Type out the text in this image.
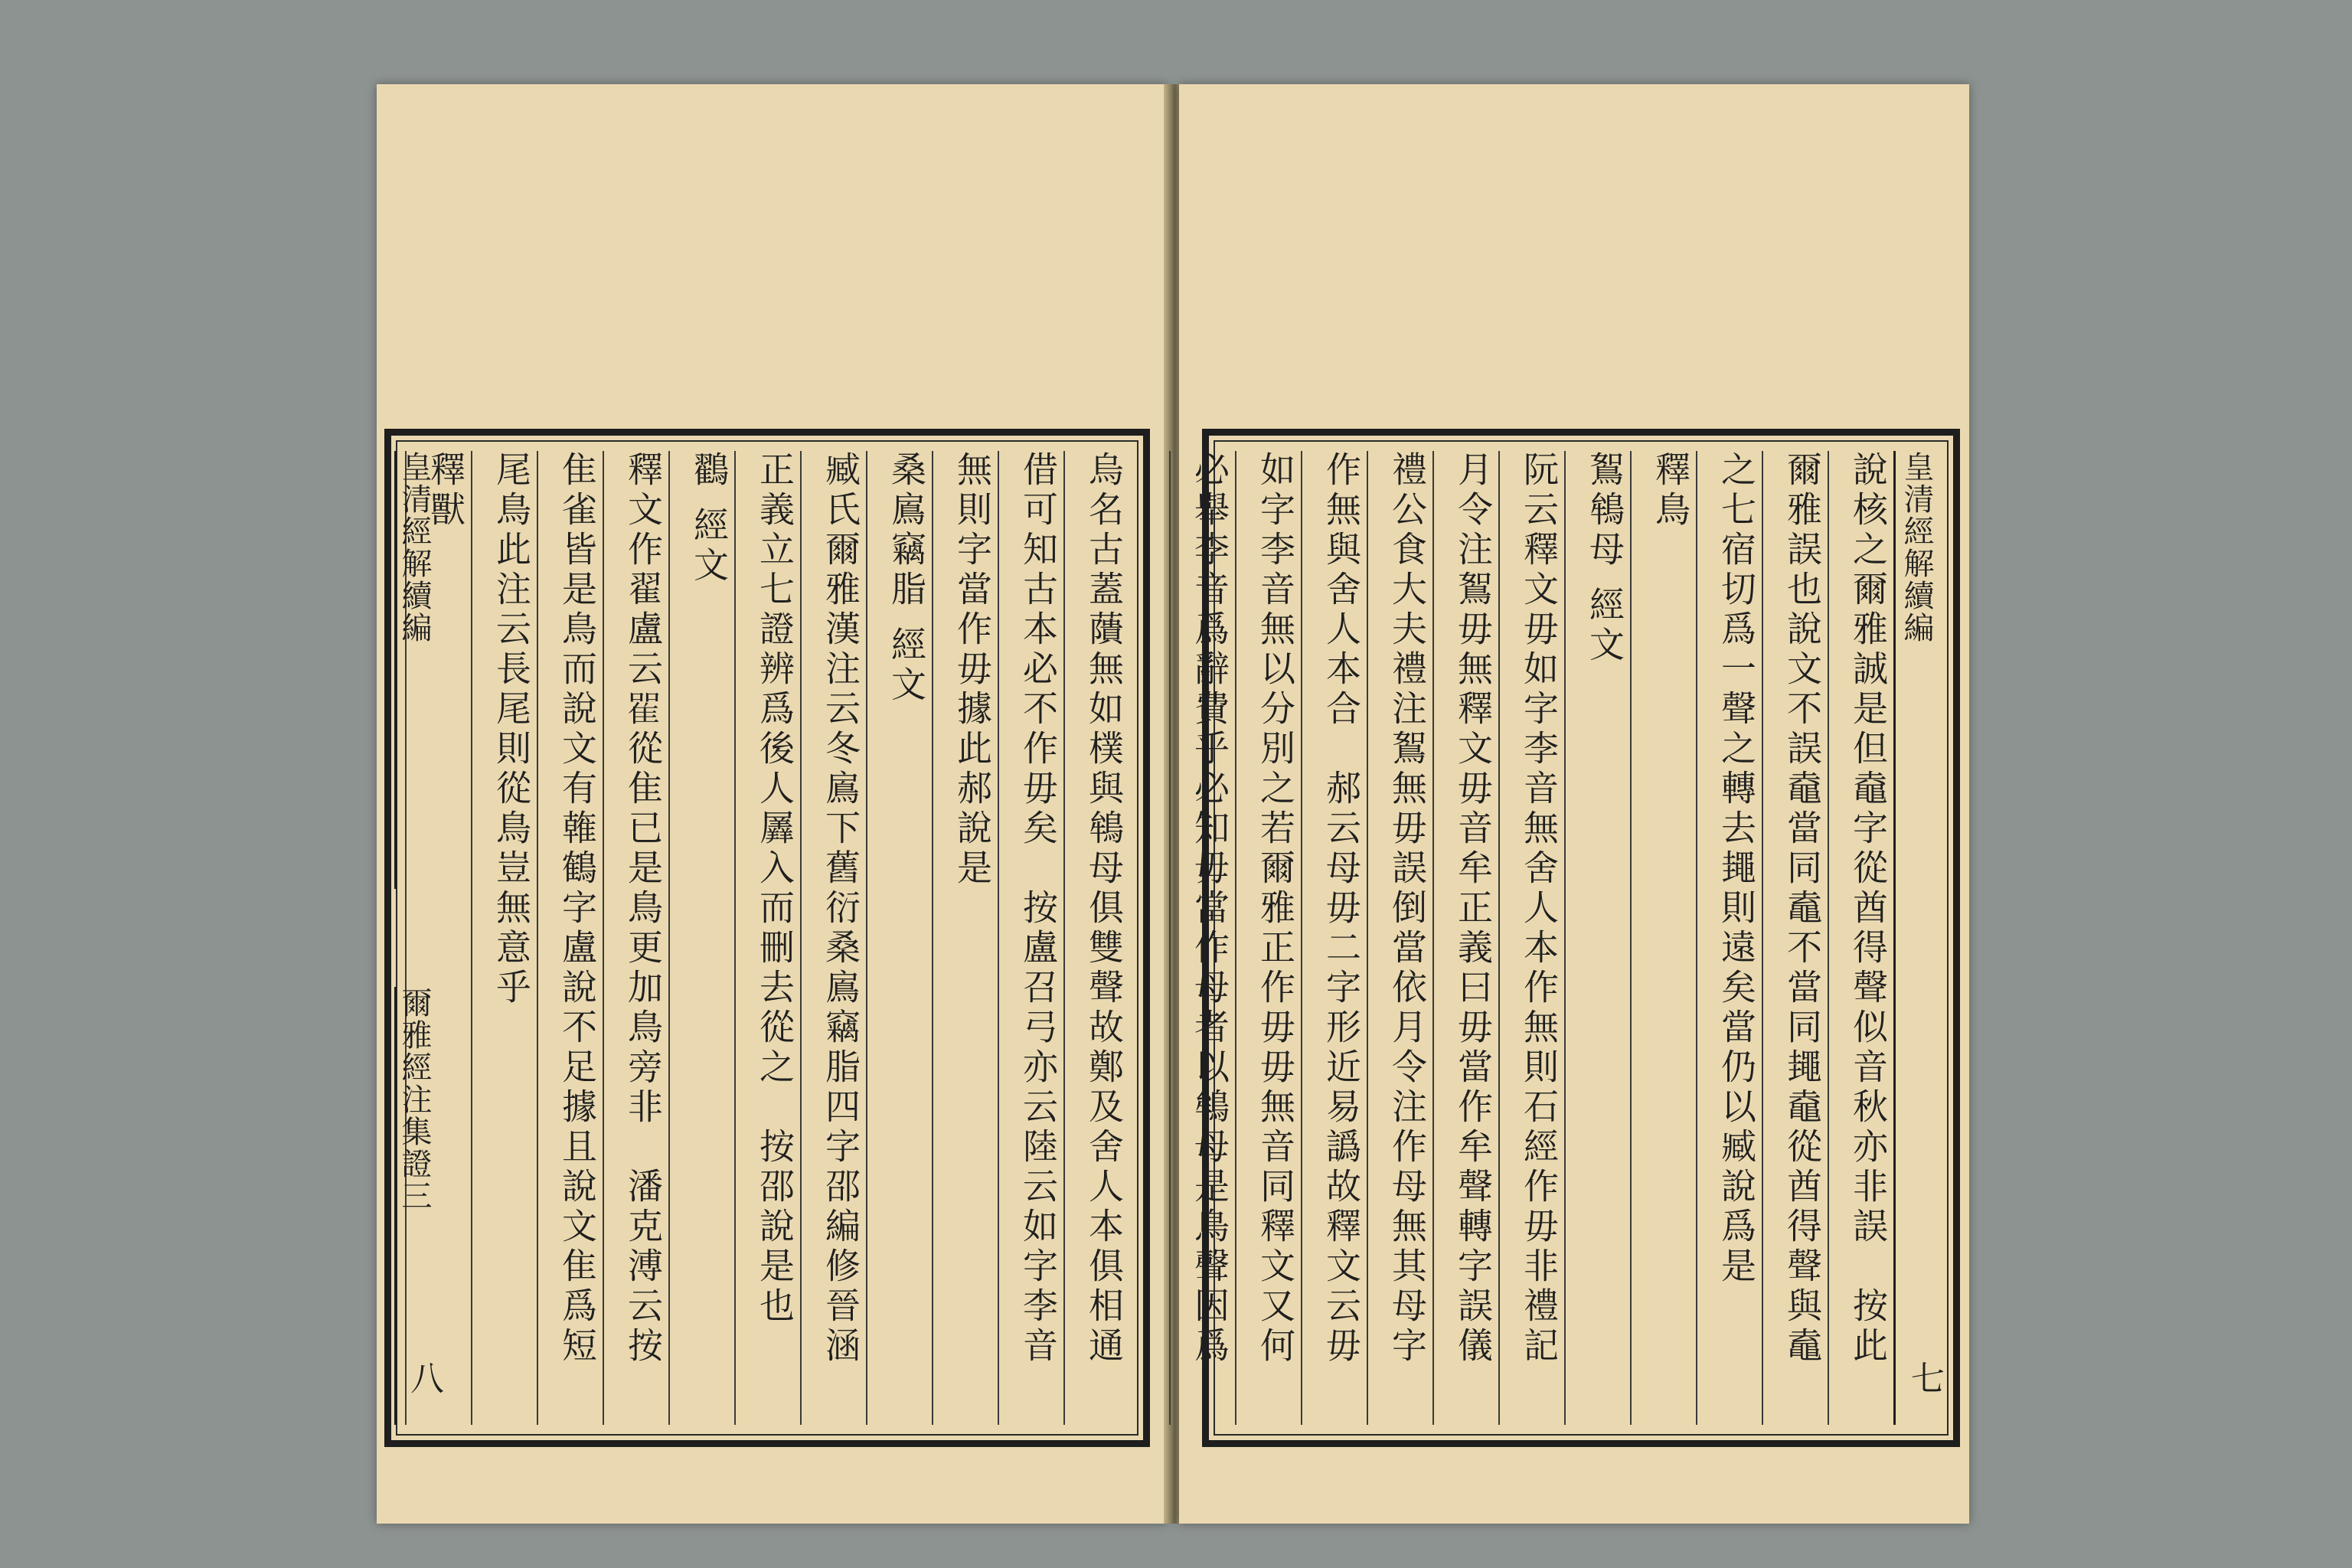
烏名古蓋藬無如樸與鴾母俱雙聲故鄭及舍人本俱相通
借可知古本必不作毋矣　按盧召弓亦云陸云如字李音
無則字當作毋據此郝說是
桑鳸竊脂 經文
臧氏爾雅漢注云冬鳸下舊衍桑鳸竊脂四字邵編修晉涵
正義立七證辨爲後人羼入而刪去從之　按邵說是也
鸐 經文
釋文作翟盧云𨾴從隹已是鳥更加鳥旁非　潘克溥云按
隹雀皆是鳥而說文有雗鶴字盧說不足據且說文隹爲短
尾鳥此注云長尾則從鳥豈無意乎
釋獸
皇清經解續編
爾雅經注集證三
八
皇清經解續編
說核之爾雅誠是但鼀字從酋得聲似音秋亦非誤　按此
爾雅誤也說文不誤鼀當同鼁不當同䵷鼀從酋得聲與鼁
之七宿切爲一聲之轉去䵷則遠矣當仍以臧說爲是
釋鳥
鴽鴾母 經文
阮云釋文毋如字李音無舍人本作無則石經作毋非禮記
月令注鴽毋無釋文毋音牟正義曰毋當作牟聲轉字誤儀
禮公食大夫禮注鴽無毋誤倒當依月令注作母無其母字
作無與舍人本合　郝云母毋二字形近易譌故釋文云毋
如字李音無以分別之若爾雅正作毋毋無音同釋文又何
必舉李音爲辭費乎必知毋當作母者以鴾母是鳥聲因爲
七
